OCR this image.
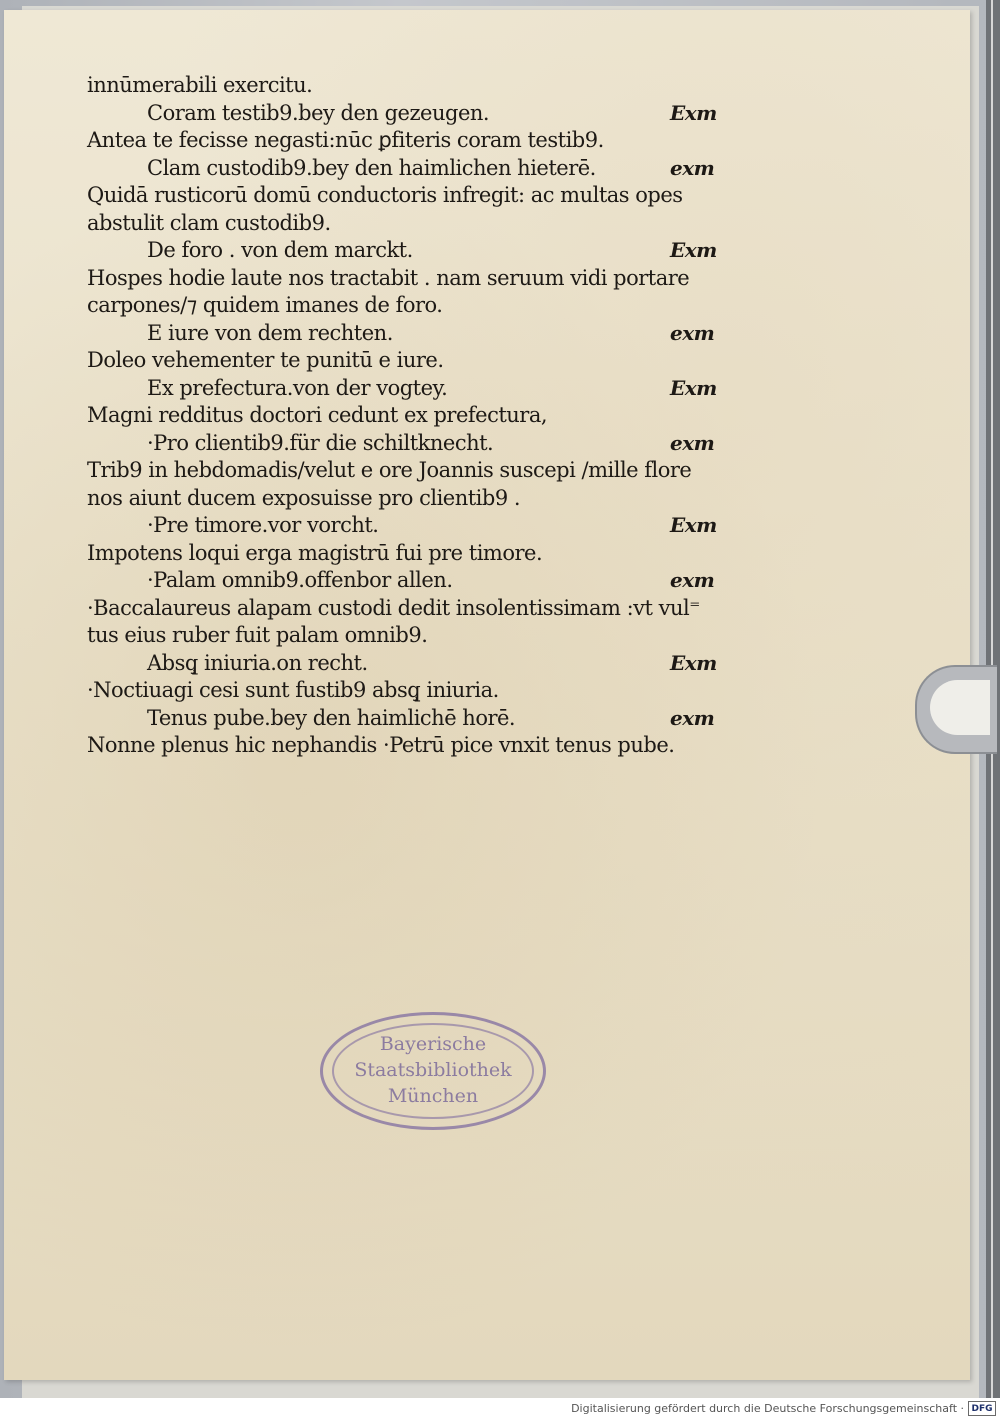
innūmerabili exercitu.
Coram testib9.bey den gezeugen.	Exm
Antea te fecisse negasti:nūc ꝑfiteris coram testib9.
Clam custodib9.bey den haimlichen hieterē.	exm
Quidā rusticorū domū conductoris infregit: ac multas opes
abstulit clam custodib9.
De foro . von dem marckt.	Exm
Hospes hodie laute nos tractabit . nam seruum vidi portare
carpones/⁊ quidem imanes de foro.
E iure von dem rechten.	exm
Doleo vehementer te punitū e iure.
Ex prefectura.von der vogtey.	Exm
Magni redditus doctori cedunt ex prefectura,
·Pro clientib9.für die schiltknecht.	exm
Trib9 in hebdomadis/velut e ore Joannis suscepi /mille flore
nos aiunt ducem exposuisse pro clientib9 .
·Pre timore.vor vorcht.	Exm
Impotens loqui erga magistrū fui pre timore.
·Palam omnib9.offenbor allen.	exm
·Baccalaureus alapam custodi dedit insolentissimam :vt vul⁼
tus eius ruber fuit palam omnib9.
Absq̧ iniuria.on recht.	Exm
·Noctiuagi cesi sunt fustib9 absq̧ iniuria.
Tenus pube.bey den haimlichē horē.	exm
Nonne plenus hic nephandis ·Petrū pice vnxit tenus pube.
Bayerische
Staatsbibliothek
München
Digitalisierung gefördert durch die Deutsche Forschungsgemeinschaft · DFG
